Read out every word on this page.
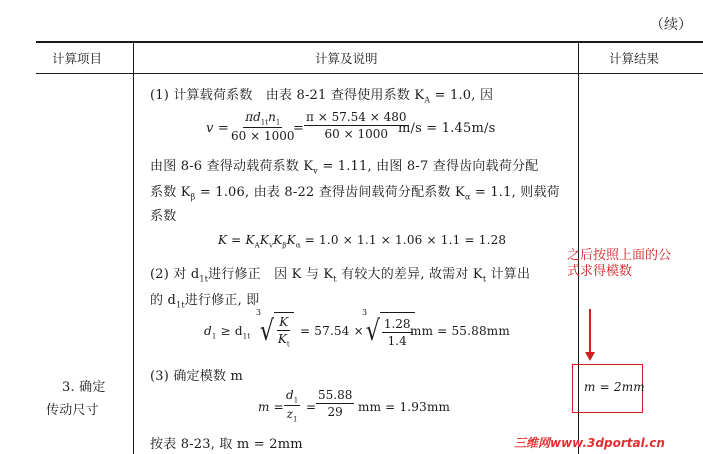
（续）
计算项目	计算及说明	计算结果
3. 确定
传动尺寸
(1) 计算载荷系数　由表 8-21 查得使用系数 $K_A = 1.0$, 因
$v = \frac{\pi d_{1t}n_1}{60 \times 1000}$
= $\frac{\pi \times 57.54 \times 480}{60 \times 1000}$
m/s = 1.45m/s
由图 8-6 查得动载荷系数 $K_v = 1.11$, 由图 8-7 查得齿向载荷分配
系数 $K_\beta = 1.06$, 由表 8-22 查得齿间载荷分配系数 $K_\alpha = 1.1$, 则载荷
系数
$K = K_AK_vK_\beta K_\alpha = 1.0 \times 1.1 \times 1.06 \times 1.1 = 1.28$
(2) 对 $d_{1t}$进行修正　因 K 与 $K_t$ 有较大的差异, 故需对 $K_t$ 计算出
的 $d_{1t}$进行修正, 即
$d_1 \ge d_{1t}$
3
√ $\frac{K}{K_t} = 57.54$ ×
3
√ $\frac{1.28}{1.4}$
mm = 55.88mm
(3) 确定模数 m
$m = \frac{d_1}{z_1} = \frac{55.88}{29}$ mm = 1.93mm
按表 8-23, 取 m = 2mm
m = 2mm
之后按照上面的公
式求得模数
三维网www.3dportal.cn
